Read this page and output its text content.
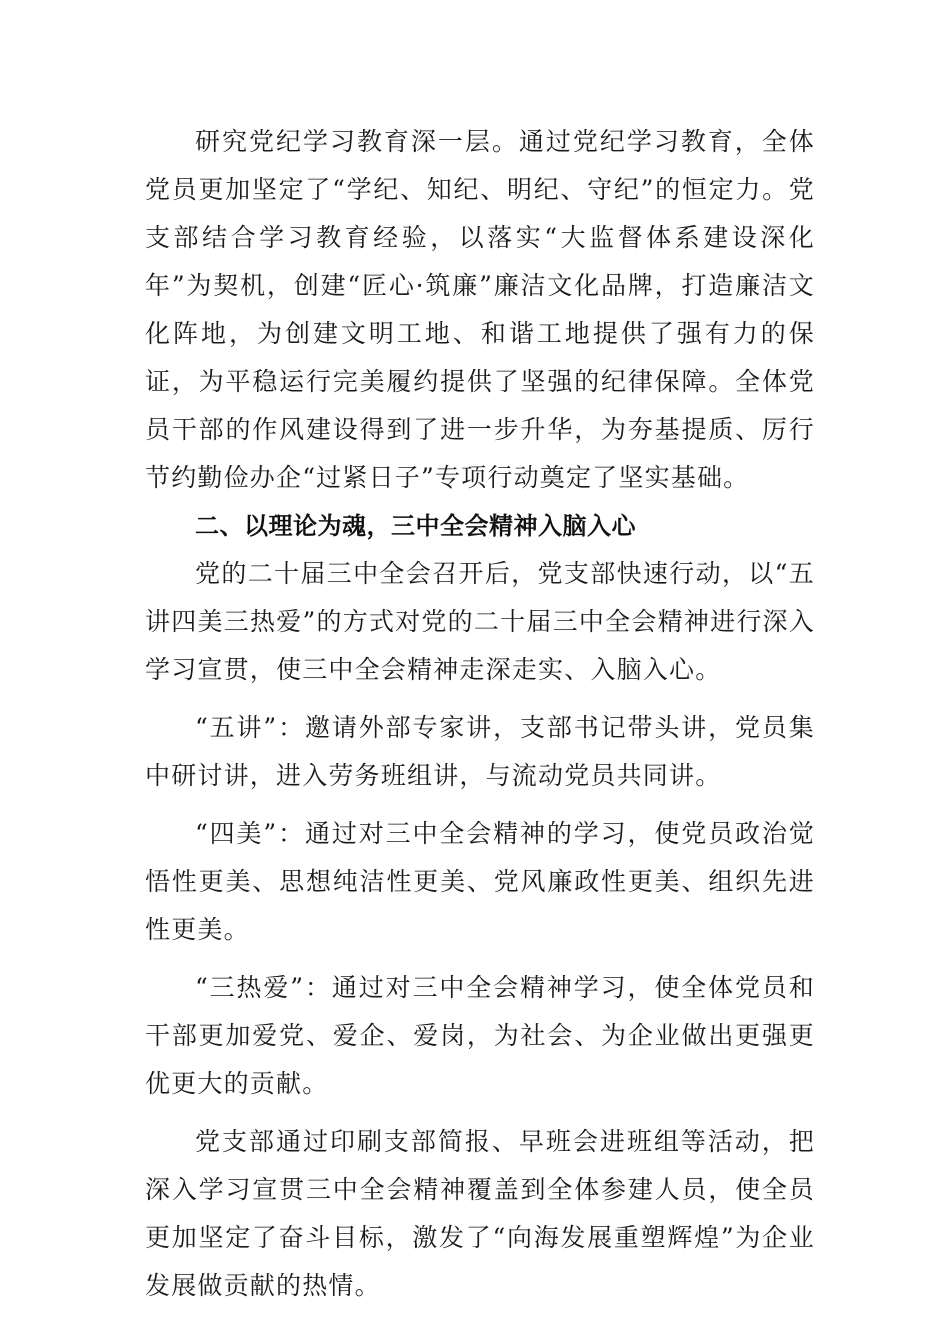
研究党纪学习教育深一层。通过党纪学习教育，全体党员更加坚定了“学纪、知纪、明纪、守纪”的恒定力。党支部结合学习教育经验，以落实“大监督体系建设深化年”为契机，创建“匠心·筑廉”廉洁文化品牌，打造廉洁文化阵地，为创建文明工地、和谐工地提供了强有力的保证，为平稳运行完美履约提供了坚强的纪律保障。全体党员干部的作风建设得到了进一步升华，为夯基提质、厉行节约勤俭办企“过紧日子”专项行动奠定了坚实基础。

二、以理论为魂，三中全会精神入脑入心

党的二十届三中全会召开后，党支部快速行动，以“五讲四美三热爱”的方式对党的二十届三中全会精神进行深入学习宣贯，使三中全会精神走深走实、入脑入心。

“五讲”：邀请外部专家讲，支部书记带头讲，党员集中研讨讲，进入劳务班组讲，与流动党员共同讲。

“四美”：通过对三中全会精神的学习，使党员政治觉悟性更美、思想纯洁性更美、党风廉政性更美、组织先进性更美。

“三热爱”：通过对三中全会精神学习，使全体党员和干部更加爱党、爱企、爱岗，为社会、为企业做出更强更优更大的贡献。

党支部通过印刷支部简报、早班会进班组等活动，把深入学习宣贯三中全会精神覆盖到全体参建人员，使全员更加坚定了奋斗目标，激发了“向海发展重塑辉煌”为企业发展做贡献的热情。
